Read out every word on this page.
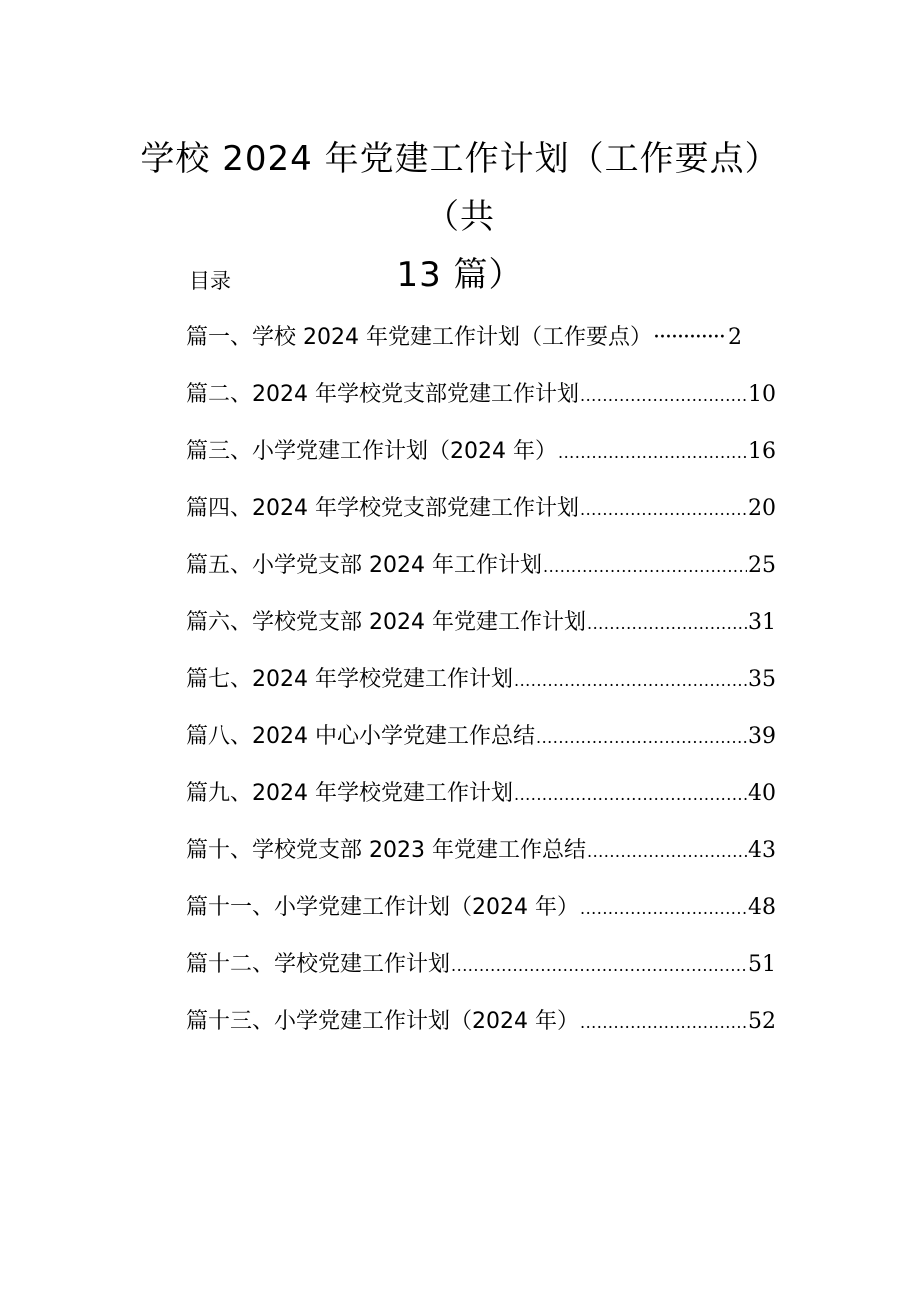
学校 2024 年党建工作计划（工作要点）（共
13 篇）
目录
篇一、学校 2024 年党建工作计划（工作要点） ·····	2
篇二、2024 年学校党支部党建工作计划 .....	10
篇三、小学党建工作计划（2024 年） .....	16
篇四、2024 年学校党支部党建工作计划 .....	20
篇五、小学党支部 2024 年工作计划 .....	25
篇六、学校党支部 2024 年党建工作计划 .....	31
篇七、2024 年学校党建工作计划 .....	35
篇八、2024 中心小学党建工作总结 .....	39
篇九、2024 年学校党建工作计划 .....	40
篇十、学校党支部 2023 年党建工作总结 .....	43
篇十一、小学党建工作计划（2024 年） .....	48
篇十二、学校党建工作计划 .....	51
篇十三、小学党建工作计划（2024 年） .....	52
